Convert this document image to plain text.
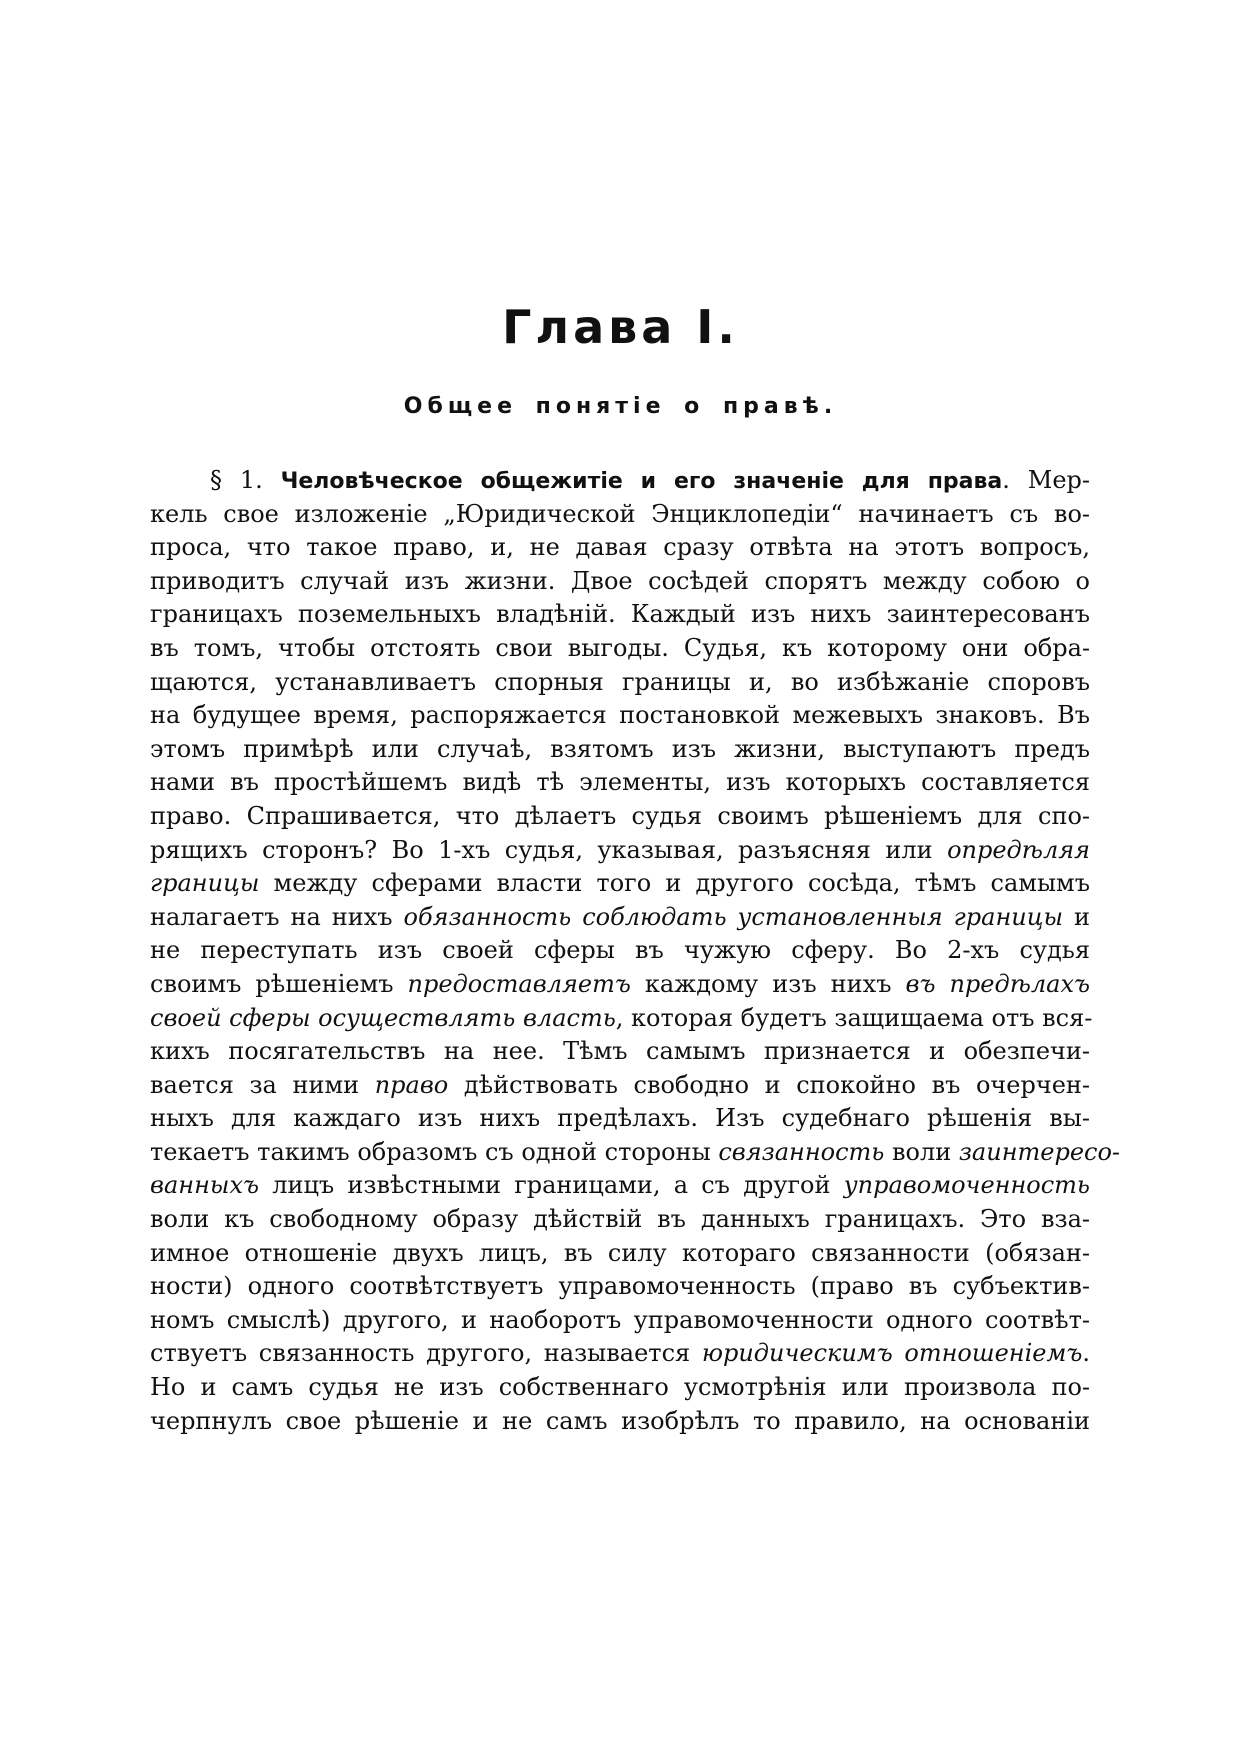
Глава I.
Общее понятіе о правѣ.
§ 1. Человѣческое общежитіе и его значеніе для права. Мер-
кель свое изложеніе „Юридической Энциклопедіи“ начинаетъ съ во-
проса, что такое право, и, не давая сразу отвѣта на этотъ вопросъ,
приводитъ случай изъ жизни. Двое сосѣдей спорятъ между собою о
границахъ поземельныхъ владѣній. Каждый изъ нихъ заинтересованъ
въ томъ, чтобы отстоять свои выгоды. Судья, къ которому они обра-
щаются, устанавливаетъ спорныя границы и, во избѣжаніе споровъ
на будущее время, распоряжается постановкой межевыхъ знаковъ. Въ
этомъ примѣрѣ или случаѣ, взятомъ изъ жизни, выступаютъ предъ
нами въ простѣйшемъ видѣ тѣ элементы, изъ которыхъ составляется
право. Спрашивается, что дѣлаетъ судья своимъ рѣшеніемъ для спо-
рящихъ сторонъ? Во 1-хъ судья, указывая, разъясняя или опредѣляя
границы между сферами власти того и другого сосѣда, тѣмъ самымъ
налагаетъ на нихъ обязанность соблюдать установленныя границы и
не переступать изъ своей сферы въ чужую сферу. Во 2-хъ судья
своимъ рѣшеніемъ предоставляетъ каждому изъ нихъ въ предѣлахъ
своей сферы осуществлять власть, которая будетъ защищаема отъ вся-
кихъ посягательствъ на нее. Тѣмъ самымъ признается и обезпечи-
вается за ними право дѣйствовать свободно и спокойно въ очерчен-
ныхъ для каждаго изъ нихъ предѣлахъ. Изъ судебнаго рѣшенія вы-
текаетъ такимъ образомъ съ одной стороны связанность воли заинтересо-
ванныхъ лицъ извѣстными границами, а съ другой управомоченность
воли къ свободному образу дѣйствій въ данныхъ границахъ. Это вза-
имное отношеніе двухъ лицъ, въ силу котораго связанности (обязан-
ности) одного соотвѣтствуетъ управомоченность (право въ субъектив-
номъ смыслѣ) другого, и наоборотъ управомоченности одного соотвѣт-
ствуетъ связанность другого, называется юридическимъ отношеніемъ.
Но и самъ судья не изъ собственнаго усмотрѣнія или произвола по-
черпнулъ свое рѣшеніе и не самъ изобрѣлъ то правило, на основаніи
